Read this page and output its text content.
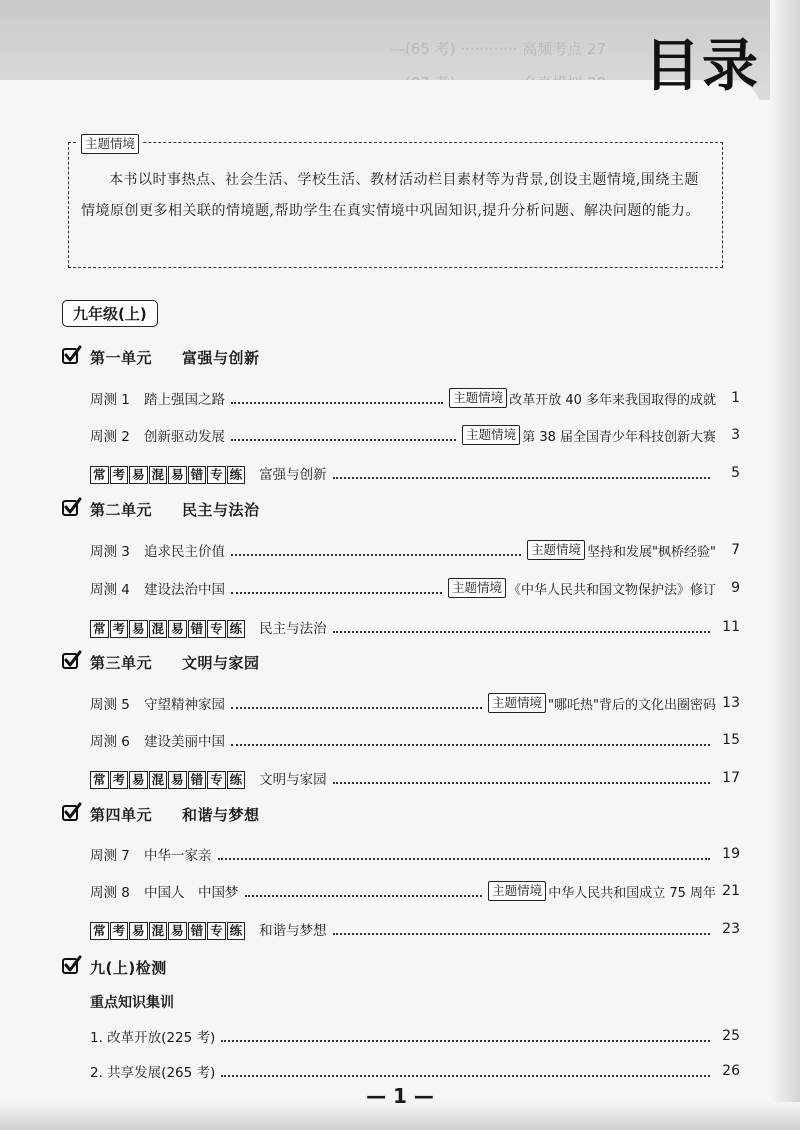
—(65 考) ············ 高频考点 27 目录
主题情境
本书以时事热点、社会生活、学校生活、教材活动栏目素材等为背景,创设主题情境,围绕主题情境原创更多相关联的情境题,帮助学生在真实情境中巩固知识,提升分析问题、解决问题的能力。
九年级(上)
第一单元 富强与创新
第二单元 民主与法治
第三单元 文明与家园
第四单元 和谐与梦想
九(上)检测
周测 1 踏上强国之路	主题情境 改革开放 40 多年来我国取得的成就	1
周测 2 创新驱动发展	主题情境 第 38 届全国青少年科技创新大赛	3
常 考 易 混 易 错 专 练 富强与创新	5
周测 3 追求民主价值	主题情境 坚持和发展"枫桥经验"	7
周测 4 建设法治中国	主题情境 《中华人民共和国文物保护法》修订	9
常 考 易 混 易 错 专 练 民主与法治	11
周测 5 守望精神家园	主题情境 "哪吒热"背后的文化出圈密码 13
周测 6 建设美丽中国	15
常 考 易 混 易 错 专 练 文明与家园	17
周测 7 中华一家亲	19
周测 8 中国人　中国梦	主题情境 中华人民共和国成立 75 周年 21
常 考 易 混 易 错 专 练 和谐与梦想	23
1. 改革开放(225 考)	25
2. 共享发展(265 考)	26
重点知识集训
— 1 —
